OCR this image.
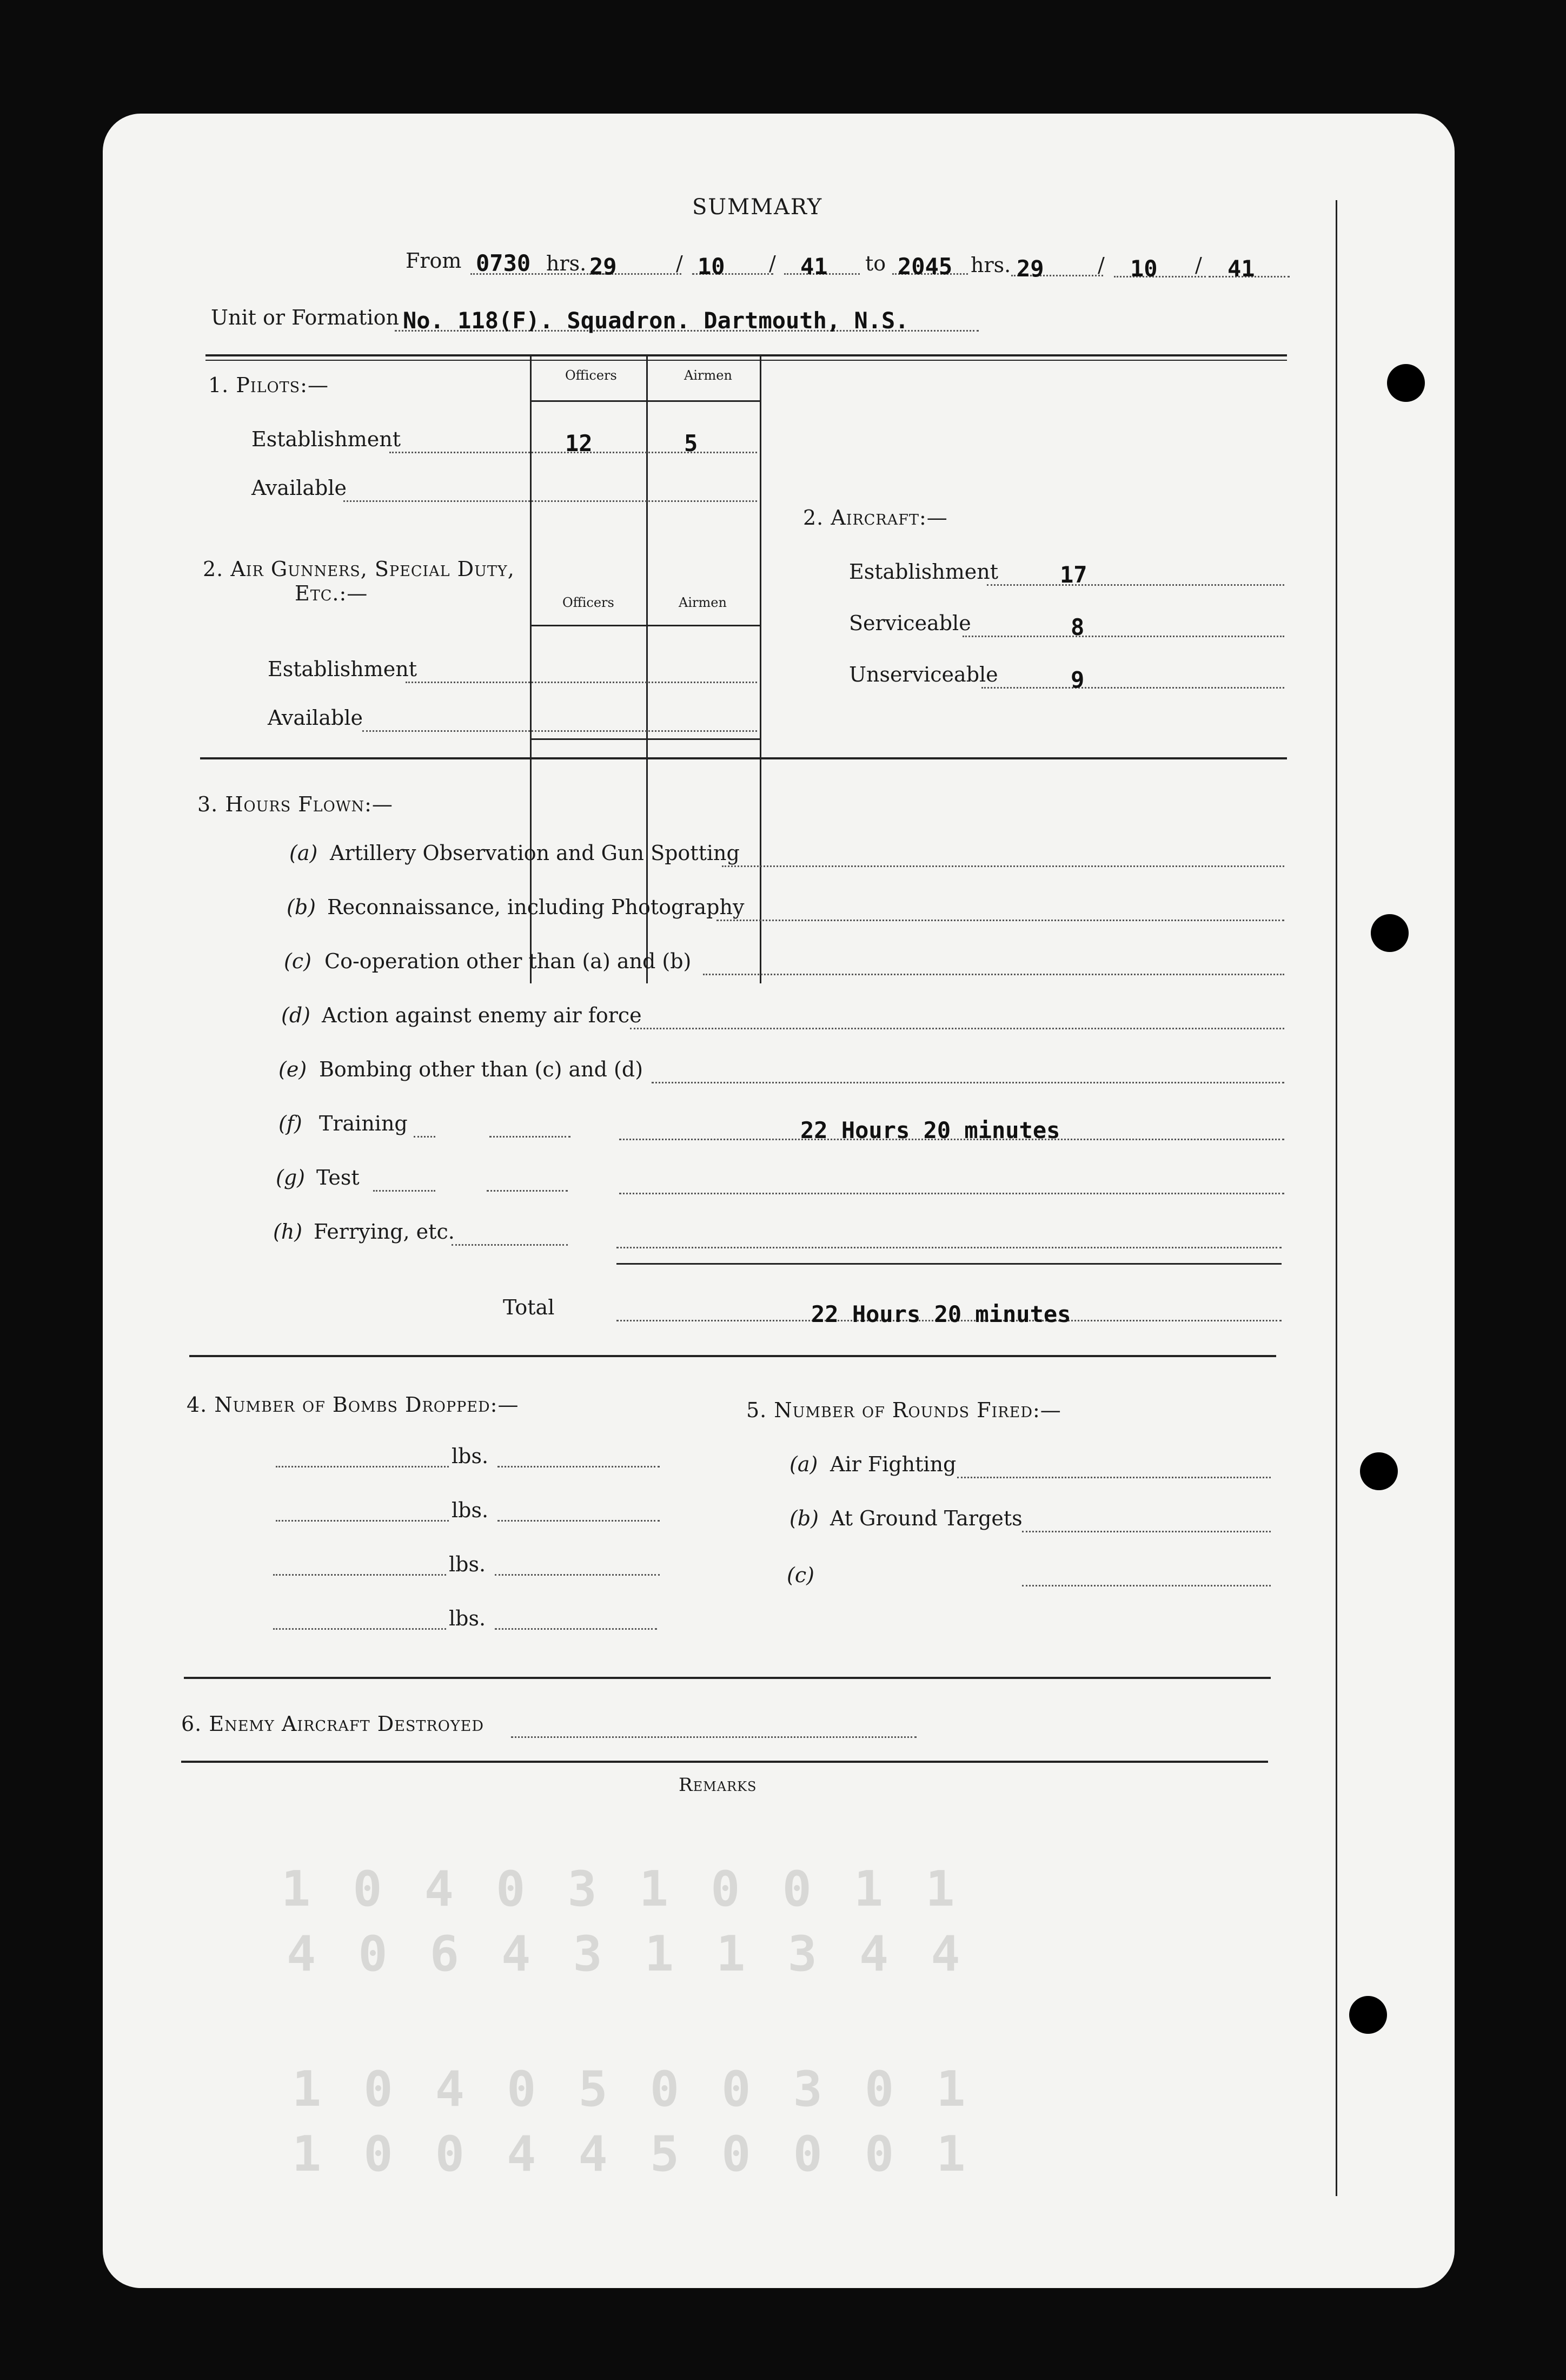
SUMMARY
From 0730 hrs. 29	/ 10 / 41 to 2045 hrs. 29	/ 10 / 41
Unit or Formation No. 118(F). Squadron. Dartmouth, N.S.
Officers	Airmen
1. Pilots:—
Establishment	12	5
Available
2. Air Gunners, Special Duty,
Etc.:—	Officers	Airmen
Establishment
Available
2. Aircraft:—
Establishment	17
Serviceable	8
Unserviceable	9
3. Hours Flown:—
(a) Artillery Observation and Gun Spotting
(b) Reconnaissance, including Photography
(c) Co-operation other than (a) and (b)
(d) Action against enemy air force
(e) Bombing other than (c) and (d)
(f) Training	22 Hours 20 minutes
(g) Test
(h) Ferrying, etc.
Total	22 Hours 20 minutes
4. Number of Bombs Dropped:—
lbs.
lbs.
lbs.
lbs.
5. Number of Rounds Fired:—
(a) Air Fighting
(b) At Ground Targets
(c)
6. Enemy Aircraft Destroyed
Remarks
1 0 4 0 3 1 0 0 1 1
4 0 6 4 3 1 1 3 4 4
1 0 4 0 5 0 0 3 0 1
1 0 0 4 4 5 0 0 0 1
